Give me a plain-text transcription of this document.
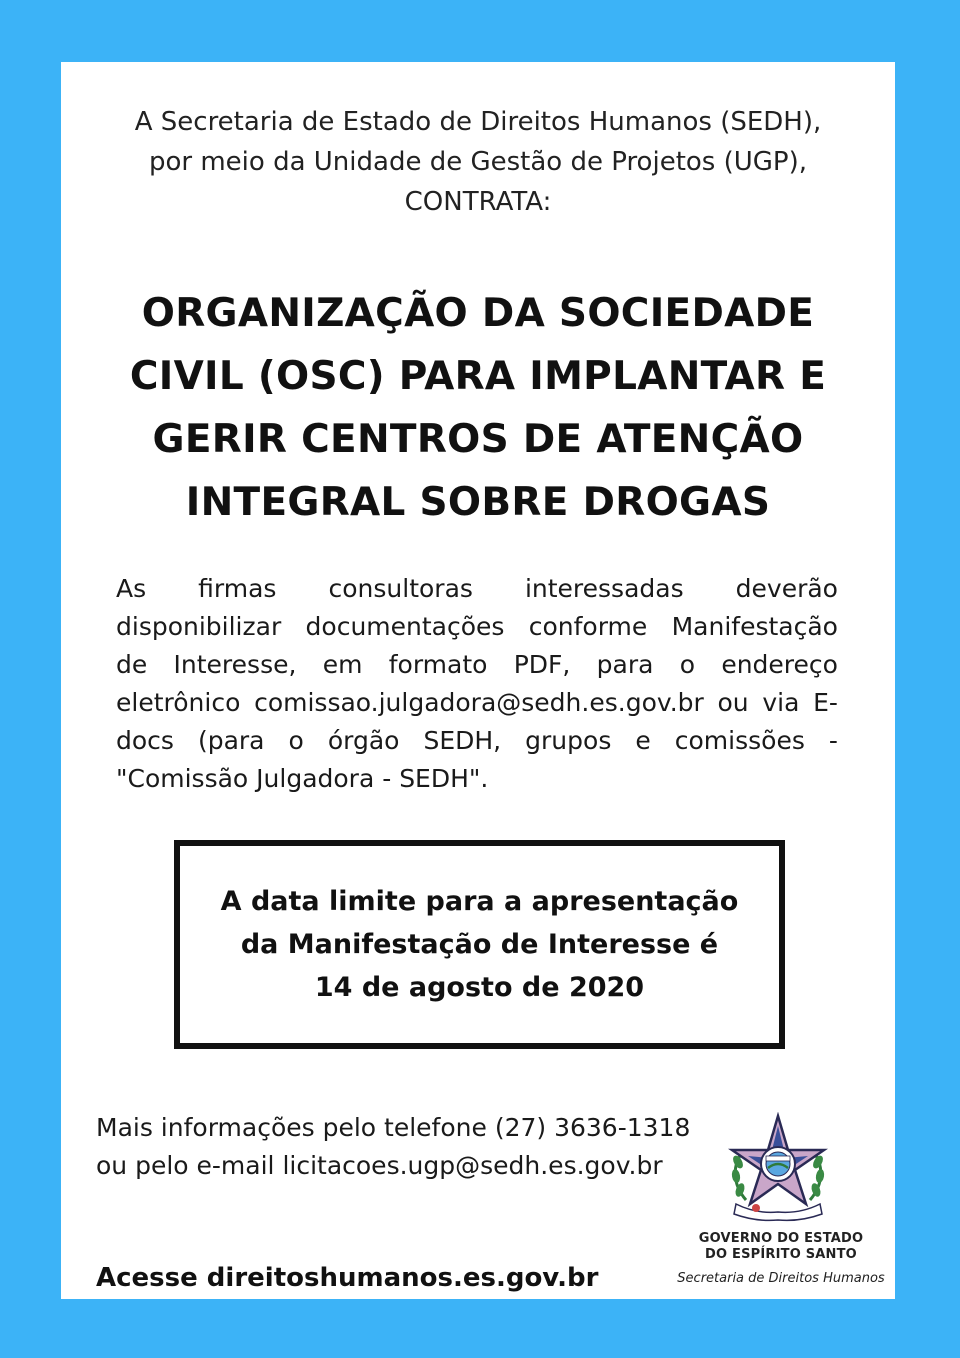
A Secretaria de Estado de Direitos Humanos (SEDH),
por meio da Unidade de Gestão de Projetos (UGP),
CONTRATA:
ORGANIZAÇÃO DA SOCIEDADE
CIVIL (OSC) PARA IMPLANTAR E
GERIR CENTROS DE ATENÇÃO
INTEGRAL SOBRE DROGAS
As firmas consultoras interessadas deverão
disponibilizar documentações conforme Manifestação
de Interesse, em formato PDF, para o endereço
eletrônico comissao.julgadora@sedh.es.gov.br ou via E-
docs (para o órgão SEDH, grupos e comissões -
"Comissão Julgadora - SEDH".
A data limite para a apresentação
da Manifestação de Interesse é
14 de agosto de 2020
Mais informações pelo telefone (27) 3636-1318
ou pelo e-mail licitacoes.ugp@sedh.es.gov.br
Acesse direitoshumanos.es.gov.br
GOVERNO DO ESTADO
DO ESPÍRITO SANTO
Secretaria de Direitos Humanos
